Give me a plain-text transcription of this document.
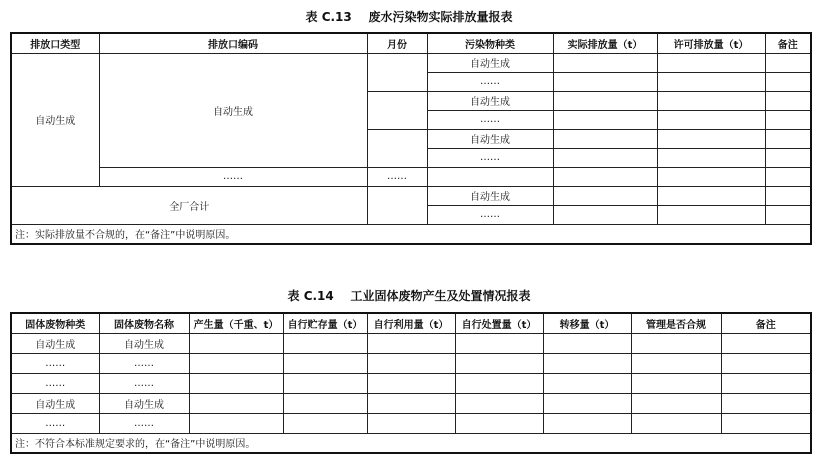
表 C.13    废水污染物实际排放量报表
排放口类型	排放口编码	月份	污染物种类	实际排放量（t）	许可排放量（t）	备注
自动生成	自动生成		自动生成			
			……			
			自动生成			
			……			
			自动生成			
			……			
	……	……				
全厂合计			自动生成			
			……			
注：实际排放量不合规的，在“备注”中说明原因。						
表 C.14    工业固体废物产生及处置情况报表
固体废物种类	固体废物名称	产生量（千重、t）	自行贮存量（t）	自行利用量（t）	自行处置量（t）	转移量（t）	管理是否合规	备注
自动生成	自动生成							
……	……							
……	……							
自动生成	自动生成							
……	……							
注：不符合本标准规定要求的，在“备注”中说明原因。								
